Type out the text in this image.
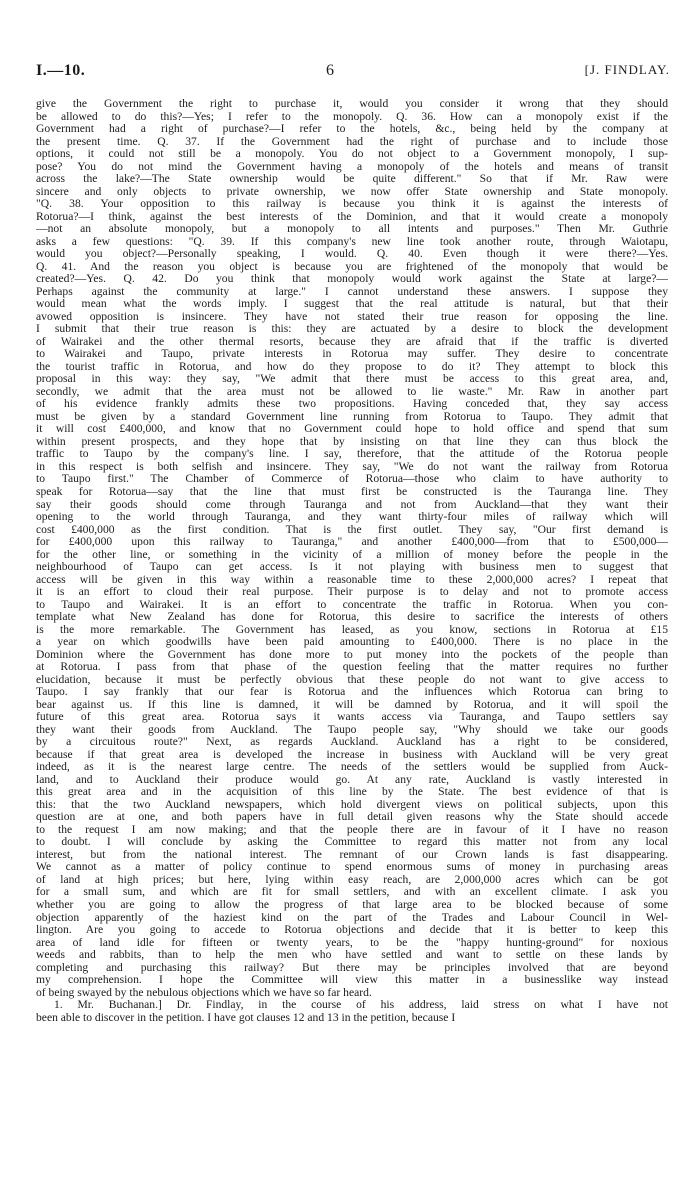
I.—10.	6	[J. FINDLAY.
give the Government the right to purchase it, would you consider it wrong that they should
be allowed to do this?—Yes; I refer to the monopoly. Q. 36. How can a monopoly exist if the
Government had a right of purchase?—I refer to the hotels, &c., being held by the company at
the present time. Q. 37. If the Government had the right of purchase and to include those
options, it could not still be a monopoly. You do not object to a Government monopoly, I sup-
pose? You do not mind the Government having a monopoly of the hotels and means of transit
across the lake?—The State ownership would be quite different." So that if Mr. Raw were
sincere and only objects to private ownership, we now offer State ownership and State monopoly.
"Q. 38. Your opposition to this railway is because you think it is against the interests of
Rotorua?—I think, against the best interests of the Dominion, and that it would create a monopoly
—not an absolute monopoly, but a monopoly to all intents and purposes." Then Mr. Guthrie
asks a few questions: "Q. 39. If this company's new line took another route, through Waiotapu,
would you object?—Personally speaking, I would. Q. 40. Even though it were there?—Yes.
Q. 41. And the reason you object is because you are frightened of the monopoly that would be
created?—Yes. Q. 42. Do you think that monopoly would work against the State at large?—
Perhaps against the community at large." I cannot understand these answers. I suppose they
would mean what the words imply. I suggest that the real attitude is natural, but that their
avowed opposition is insincere. They have not stated their true reason for opposing the line.
I submit that their true reason is this: they are actuated by a desire to block the development
of Wairakei and the other thermal resorts, because they are afraid that if the traffic is diverted
to Wairakei and Taupo, private interests in Rotorua may suffer. They desire to concentrate
the tourist traffic in Rotorua, and how do they propose to do it? They attempt to block this
proposal in this way: they say, "We admit that there must be access to this great area, and,
secondly, we admit that the area must not be allowed to lie waste." Mr. Raw in another part
of his evidence frankly admits these two propositions. Having conceded that, they say access
must be given by a standard Government line running from Rotorua to Taupo. They admit that
it will cost £400,000, and know that no Government could hope to hold office and spend that sum
within present prospects, and they hope that by insisting on that line they can thus block the
traffic to Taupo by the company's line. I say, therefore, that the attitude of the Rotorua people
in this respect is both selfish and insincere. They say, "We do not want the railway from Rotorua
to Taupo first." The Chamber of Commerce of Rotorua—those who claim to have authority to
speak for Rotorua—say that the line that must first be constructed is the Tauranga line. They
say their goods should come through Tauranga and not from Auckland—that they want their
opening to the world through Tauranga, and they want thirty-four miles of railway which will
cost £400,000 as the first condition. That is the first outlet. They say, "Our first demand is
for £400,000 upon this railway to Tauranga," and another £400,000—from that to £500,000—
for the other line, or something in the vicinity of a million of money before the people in the
neighbourhood of Taupo can get access. Is it not playing with business men to suggest that
access will be given in this way within a reasonable time to these 2,000,000 acres? I repeat that
it is an effort to cloud their real purpose. Their purpose is to delay and not to promote access
to Taupo and Wairakei. It is an effort to concentrate the traffic in Rotorua. When you con-
template what New Zealand has done for Rotorua, this desire to sacrifice the interests of others
is the more remarkable. The Government has leased, as you know, sections in Rotorua at £15
a year on which goodwills have been paid amounting to £400,000. There is no place in the
Dominion where the Government has done more to put money into the pockets of the people than
at Rotorua. I pass from that phase of the question feeling that the matter requires no further
elucidation, because it must be perfectly obvious that these people do not want to give access to
Taupo. I say frankly that our fear is Rotorua and the influences which Rotorua can bring to
bear against us. If this line is damned, it will be damned by Rotorua, and it will spoil the
future of this great area. Rotorua says it wants access via Tauranga, and Taupo settlers say
they want their goods from Auckland. The Taupo people say, "Why should we take our goods
by a circuitous route?" Next, as regards Auckland. Auckland has a right to be considered,
because if that great area is developed the increase in business with Auckland will be very great
indeed, as it is the nearest large centre. The needs of the settlers would be supplied from Auck-
land, and to Auckland their produce would go. At any rate, Auckland is vastly interested in
this great area and in the acquisition of this line by the State. The best evidence of that is
this: that the two Auckland newspapers, which hold divergent views on political subjects, upon this
question are at one, and both papers have in full detail given reasons why the State should accede
to the request I am now making; and that the people there are in favour of it I have no reason
to doubt. I will conclude by asking the Committee to regard this matter not from any local
interest, but from the national interest. The remnant of our Crown lands is fast disappearing.
We cannot as a matter of policy continue to spend enormous sums of money in purchasing areas
of land at high prices; but here, lying within easy reach, are 2,000,000 acres which can be got
for a small sum, and which are fit for small settlers, and with an excellent climate. I ask you
whether you are going to allow the progress of that large area to be blocked because of some
objection apparently of the haziest kind on the part of the Trades and Labour Council in Wel-
lington. Are you going to accede to Rotorua objections and decide that it is better to keep this
area of land idle for fifteen or twenty years, to be the "happy hunting-ground" for noxious
weeds and rabbits, than to help the men who have settled and want to settle on these lands by
completing and purchasing this railway? But there may be principles involved that are beyond
my comprehension. I hope the Committee will view this matter in a businesslike way instead
of being swayed by the nebulous objections which we have so far heard.
1. Mr. Buchanan.] Dr. Findlay, in the course of his address, laid stress on what I have not
been able to discover in the petition. I have got clauses 12 and 13 in the petition, because I
